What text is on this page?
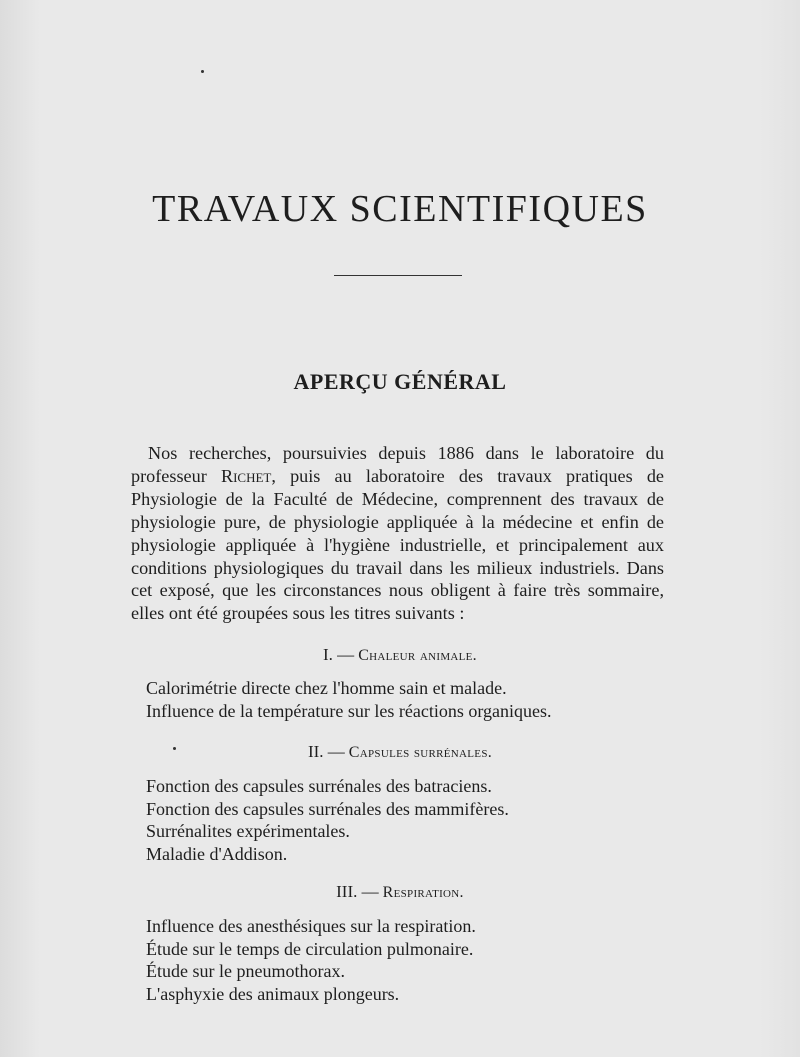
TRAVAUX SCIENTIFIQUES
APERÇU GÉNÉRAL

Nos recherches, poursuivies depuis 1886 dans le laboratoire du professeur Richet, puis au laboratoire des travaux pratiques de Physiologie de la Faculté de Médecine, comprennent des travaux de physiologie pure, de physiologie appliquée à la médecine et enfin de physiologie appliquée à l'hygiène industrielle, et principalement aux conditions physiologiques du travail dans les milieux industriels. Dans cet exposé, que les circonstances nous obligent à faire très sommaire, elles ont été groupées sous les titres suivants :

I. — Chaleur animale.
Calorimétrie directe chez l'homme sain et malade.
Influence de la température sur les réactions organiques.
II. — Capsules surrénales.
Fonction des capsules surrénales des batraciens.
Fonction des capsules surrénales des mammifères.
Surrénalites expérimentales.
Maladie d'Addison.
III. — Respiration.
Influence des anesthésiques sur la respiration.
Étude sur le temps de circulation pulmonaire.
Étude sur le pneumothorax.
L'asphyxie des animaux plongeurs.
